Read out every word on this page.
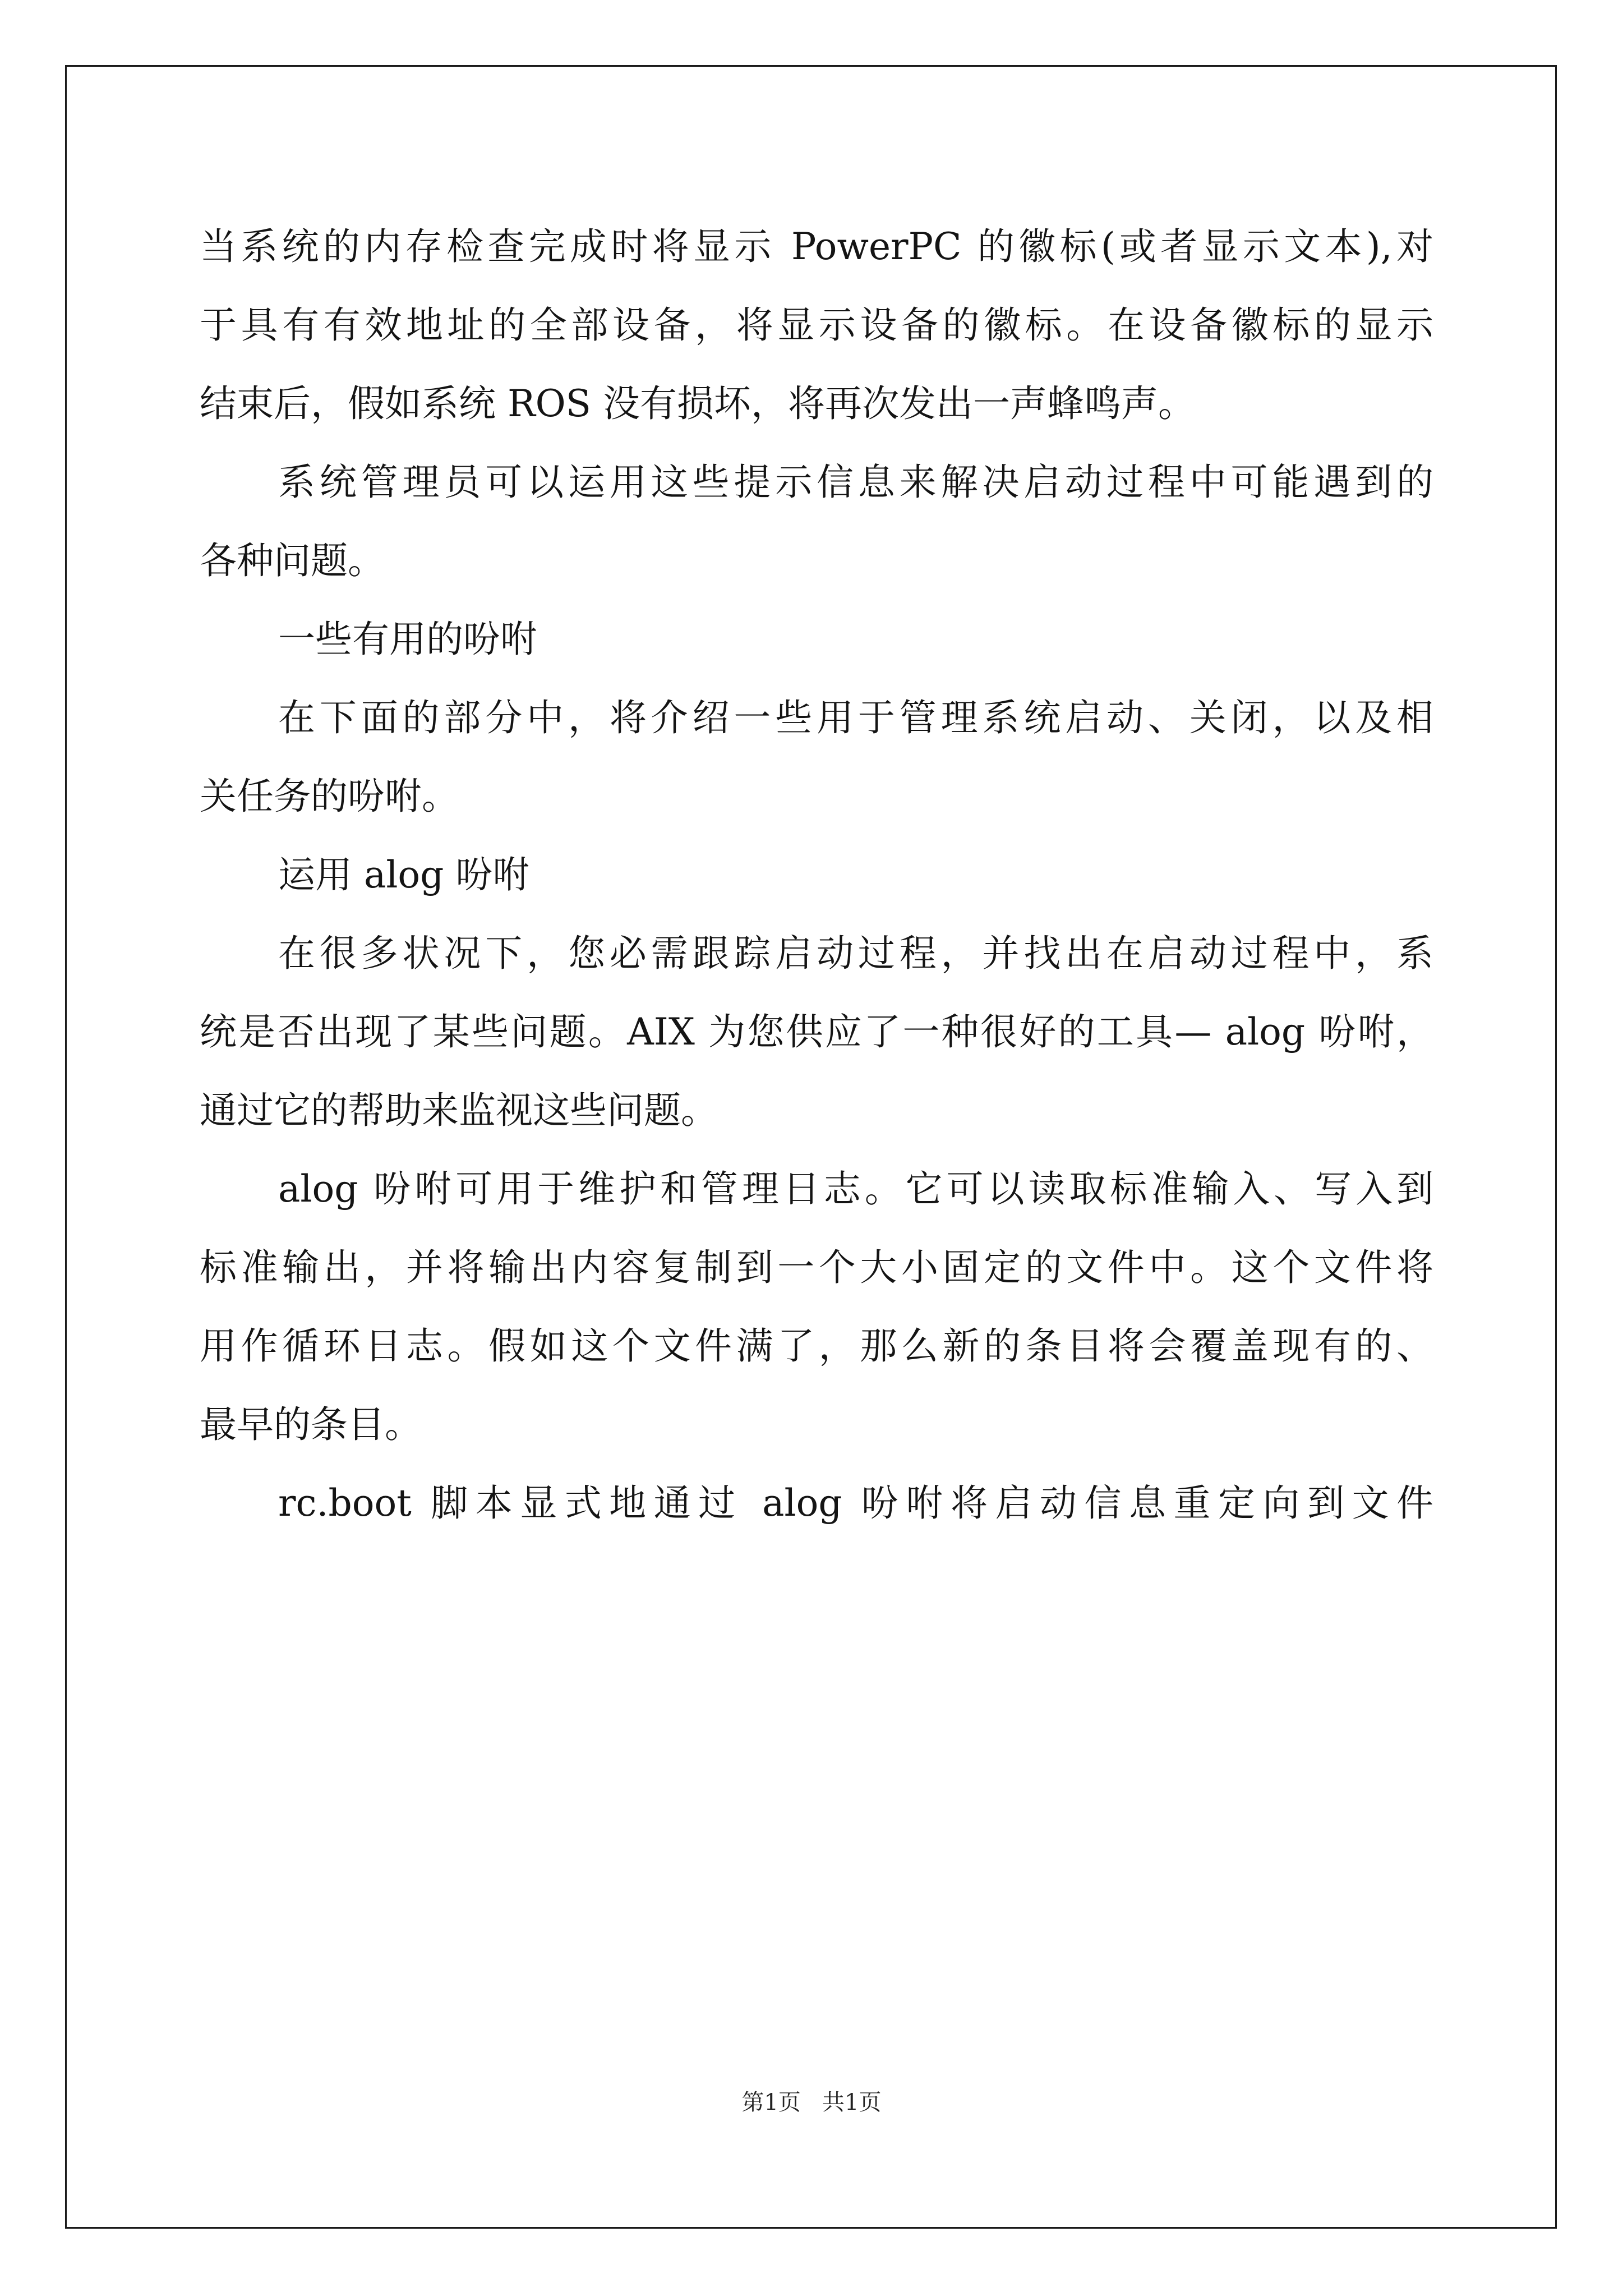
当系统的内存检查完成时将显示 PowerPC 的徽标(或者显示文本),对
于具有有效地址的全部设备，将显示设备的徽标。在设备徽标的显示
结束后，假如系统 ROS 没有损坏，将再次发出一声蜂鸣声。
系统管理员可以运用这些提示信息来解决启动过程中可能遇到的
各种问题。
一些有用的吩咐
在下面的部分中，将介绍一些用于管理系统启动、关闭，以及相
关任务的吩咐。
运用 alog 吩咐
在很多状况下，您必需跟踪启动过程，并找出在启动过程中，系
统是否出现了某些问题。AIX 为您供应了一种很好的工具— alog 吩咐，
通过它的帮助来监视这些问题。
alog 吩咐可用于维护和管理日志。它可以读取标准输入、写入到
标准输出，并将输出内容复制到一个大小固定的文件中。这个文件将
用作循环日志。假如这个文件满了，那么新的条目将会覆盖现有的、
最早的条目。
rc.boot 脚本显式地通过 alog 吩咐将启动信息重定向到文件
第1页   共1页
